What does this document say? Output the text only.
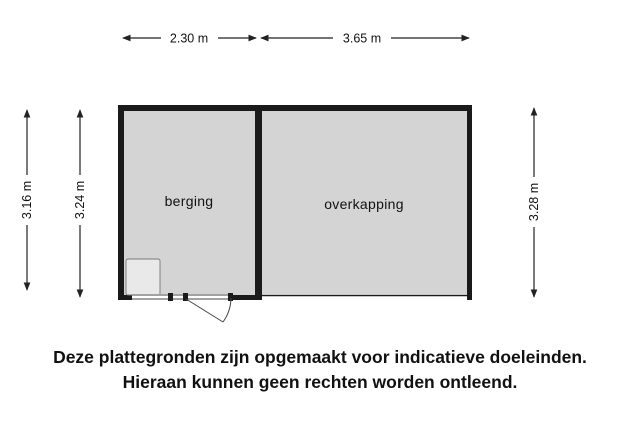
2.30 m	3.65 m
3.16 m	3.24 m	3.28 m
berging	overkapping
Deze plattegronden zijn opgemaakt voor indicatieve doeleinden.
Hieraan kunnen geen rechten worden ontleend.
